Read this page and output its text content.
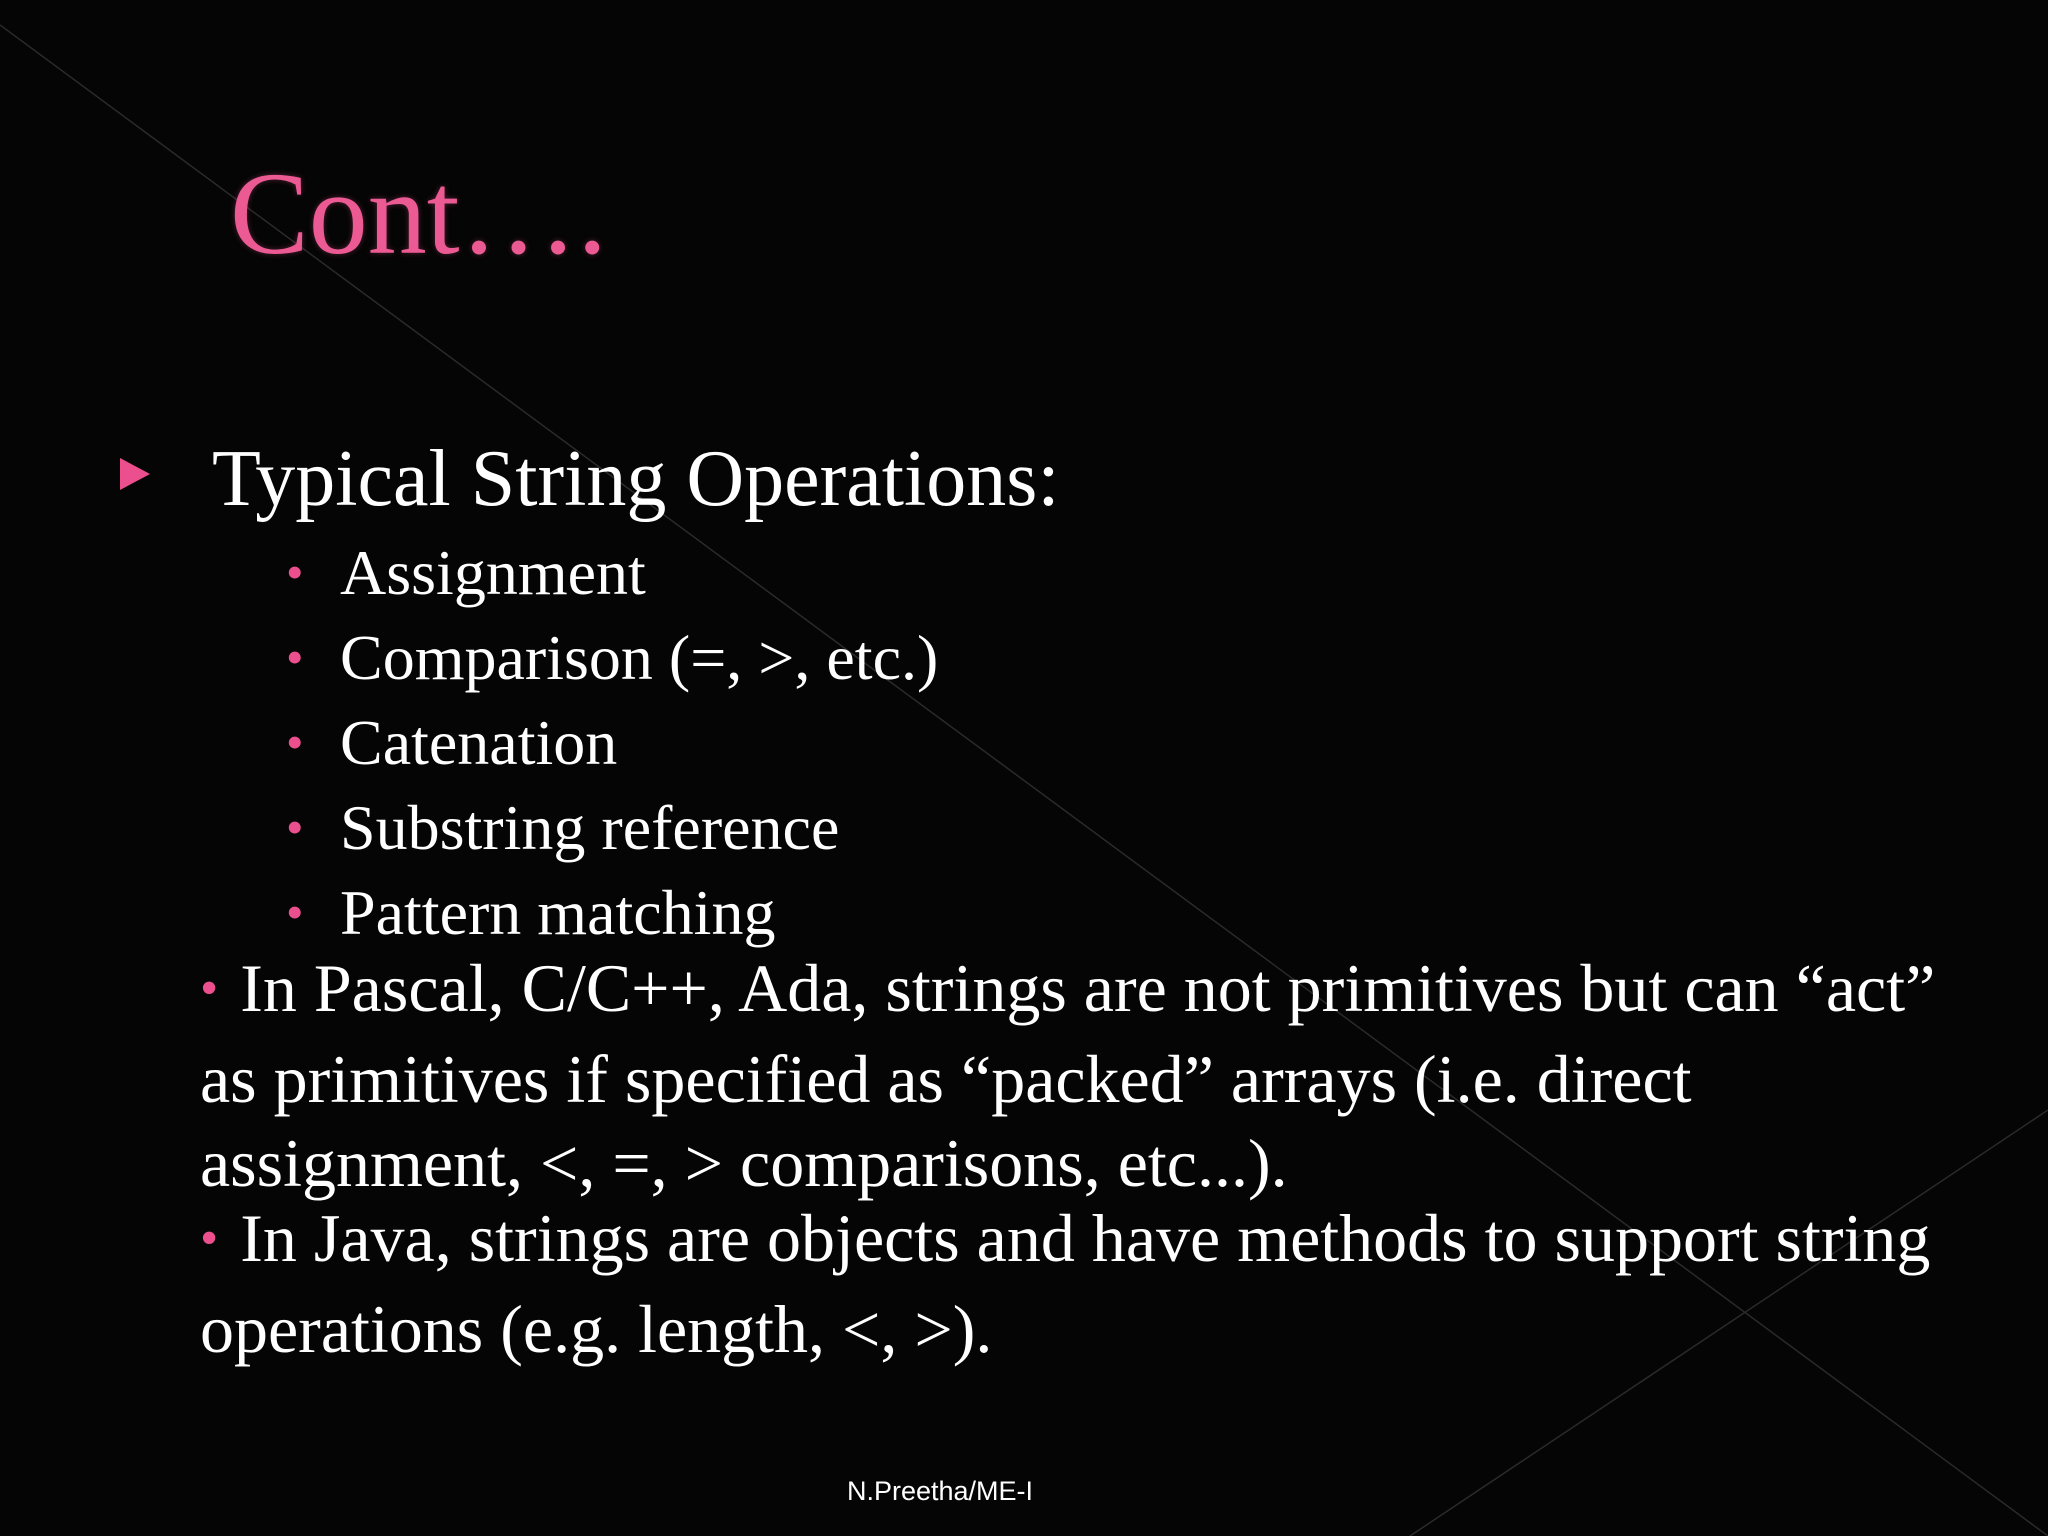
Cont….
Typical String Operations:
• Assignment
• Comparison (=, >, etc.)
• Catenation
• Substring reference
• Pattern matching
• In Pascal, C/C++, Ada, strings are not primitives but can “act” as primitives if specified as “packed” arrays (i.e. direct assignment, <, =, > comparisons, etc...).
• In Java, strings are objects and have methods to support string operations (e.g. length, <, >).
N.Preetha/ME-I
